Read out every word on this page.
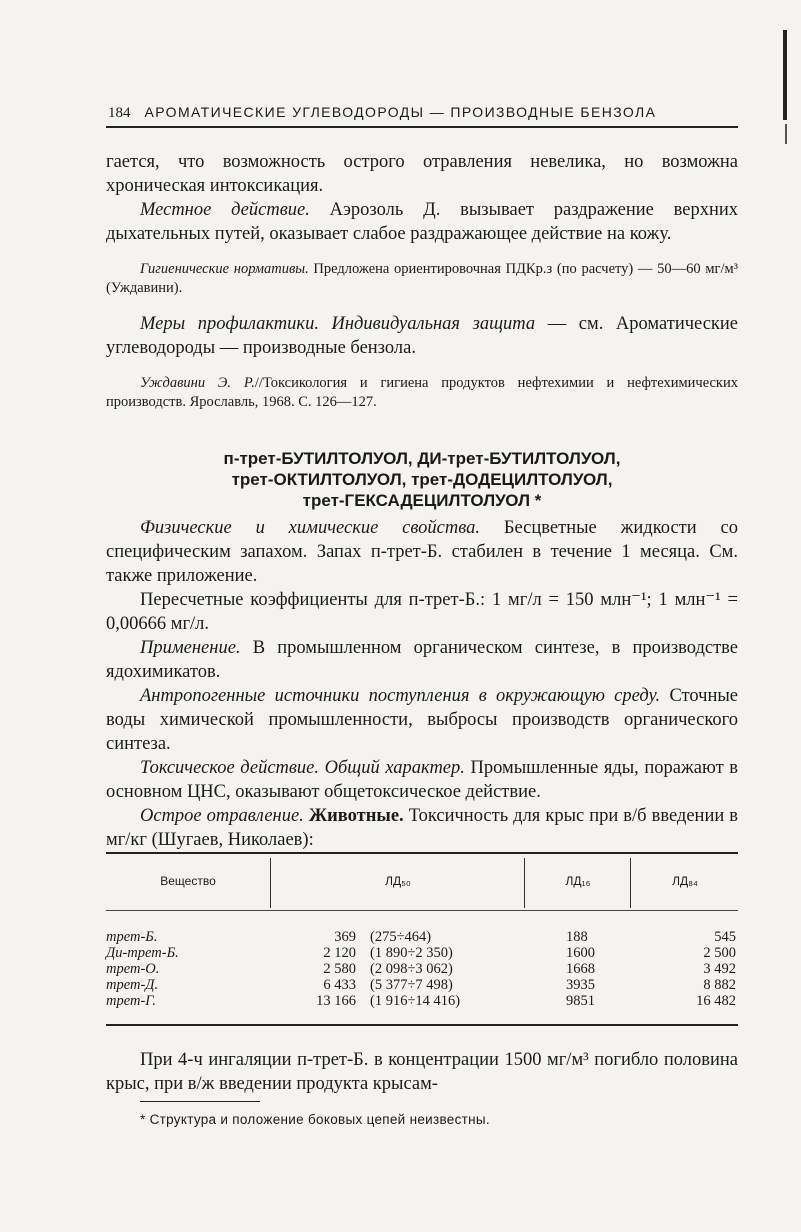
184 АРОМАТИЧЕСКИЕ УГЛЕВОДОРОДЫ — ПРОИЗВОДНЫЕ БЕНЗОЛА

гается, что возможность острого отравления невелика, но возможна хроническая интоксикация.

Местное действие. Аэрозоль Д. вызывает раздражение верхних дыхательных путей, оказывает слабое раздражающее действие на кожу.

Гигиенические нормативы. Предложена ориентировочная ПДКр.з (по расчету) — 50—60 мг/м³ (Уждавини).

Меры профилактики. Индивидуальная защита — см. Ароматические углеводороды — производные бензола.

Уждавини Э. Р.//Токсикология и гигиена продуктов нефтехимии и нефтехимических производств. Ярославль, 1968. С. 126—127.

п-трет-БУТИЛТОЛУОЛ, ДИ-трет-БУТИЛТОЛУОЛ,
трет-ОКТИЛТОЛУОЛ, трет-ДОДЕЦИЛТОЛУОЛ,
трет-ГЕКСАДЕЦИЛТОЛУОЛ *

Физические и химические свойства. Бесцветные жидкости со специфическим запахом. Запах п-трет-Б. стабилен в течение 1 месяца. См. также приложение.

Пересчетные коэффициенты для п-трет-Б.: 1 мг/л = 150 млн⁻¹; 1 млн⁻¹ = 0,00666 мг/л.

Применение. В промышленном органическом синтезе, в производстве ядохимикатов.

Антропогенные источники поступления в окружающую среду. Сточные воды химической промышленности, выбросы производств органического синтеза.

Токсическое действие. Общий характер. Промышленные яды, поражают в основном ЦНС, оказывают общетоксическое действие.

Острое отравление. Животные. Токсичность для крыс при в/б введении в мг/кг (Шугаев, Николаев):

Вещество	ЛД₅₀	ЛД₁₆	ЛД₈₄
трет-Б.	369 (275÷464)	188	545
Ди-трет-Б.	2 120 (1 890÷2 350)	1600	2 500
трет-О.	2 580 (2 098÷3 062)	1668	3 492
трет-Д.	6 433 (5 377÷7 498)	3935	8 882
трет-Г.	13 166 (1 916÷14 416)	9851	16 482

При 4-ч ингаляции п-трет-Б. в концентрации 1500 мг/м³ погибло половина крыс, при в/ж введении продукта крысам-

* Структура и положение боковых цепей неизвестны.
